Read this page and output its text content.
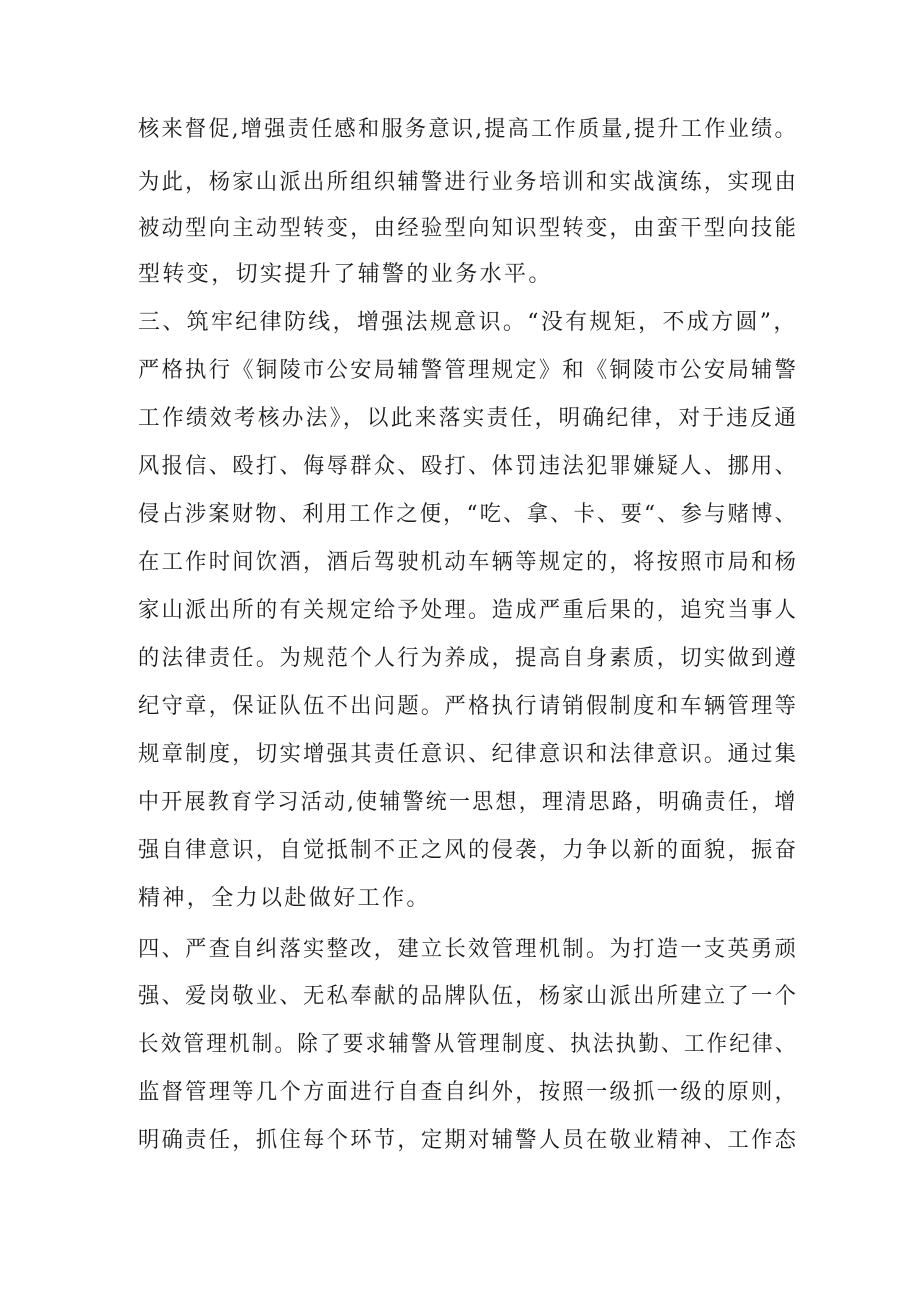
核来督促,增强责任感和服务意识,提高工作质量,提升工作业绩。
为此，杨家山派出所组织辅警进行业务培训和实战演练，实现由
被动型向主动型转变，由经验型向知识型转变，由蛮干型向技能
型转变，切实提升了辅警的业务水平。
三、筑牢纪律防线，增强法规意识。“没有规矩，不成方圆”，
严格执行《铜陵市公安局辅警管理规定》和《铜陵市公安局辅警
工作绩效考核办法》，以此来落实责任，明确纪律，对于违反通
风报信、殴打、侮辱群众、殴打、体罚违法犯罪嫌疑人、挪用、
侵占涉案财物、利用工作之便，“吃、拿、卡、要“、参与赌博、
在工作时间饮酒，酒后驾驶机动车辆等规定的，将按照市局和杨
家山派出所的有关规定给予处理。造成严重后果的，追究当事人
的法律责任。为规范个人行为养成，提高自身素质，切实做到遵
纪守章，保证队伍不出问题。严格执行请销假制度和车辆管理等
规章制度，切实增强其责任意识、纪律意识和法律意识。通过集
中开展教育学习活动,使辅警统一思想，理清思路，明确责任，增
强自律意识，自觉抵制不正之风的侵袭，力争以新的面貌，振奋
精神，全力以赴做好工作。
四、严查自纠落实整改，建立长效管理机制。为打造一支英勇顽
强、爱岗敬业、无私奉献的品牌队伍，杨家山派出所建立了一个
长效管理机制。除了要求辅警从管理制度、执法执勤、工作纪律、
监督管理等几个方面进行自查自纠外，按照一级抓一级的原则，
明确责任，抓住每个环节，定期对辅警人员在敬业精神、工作态
